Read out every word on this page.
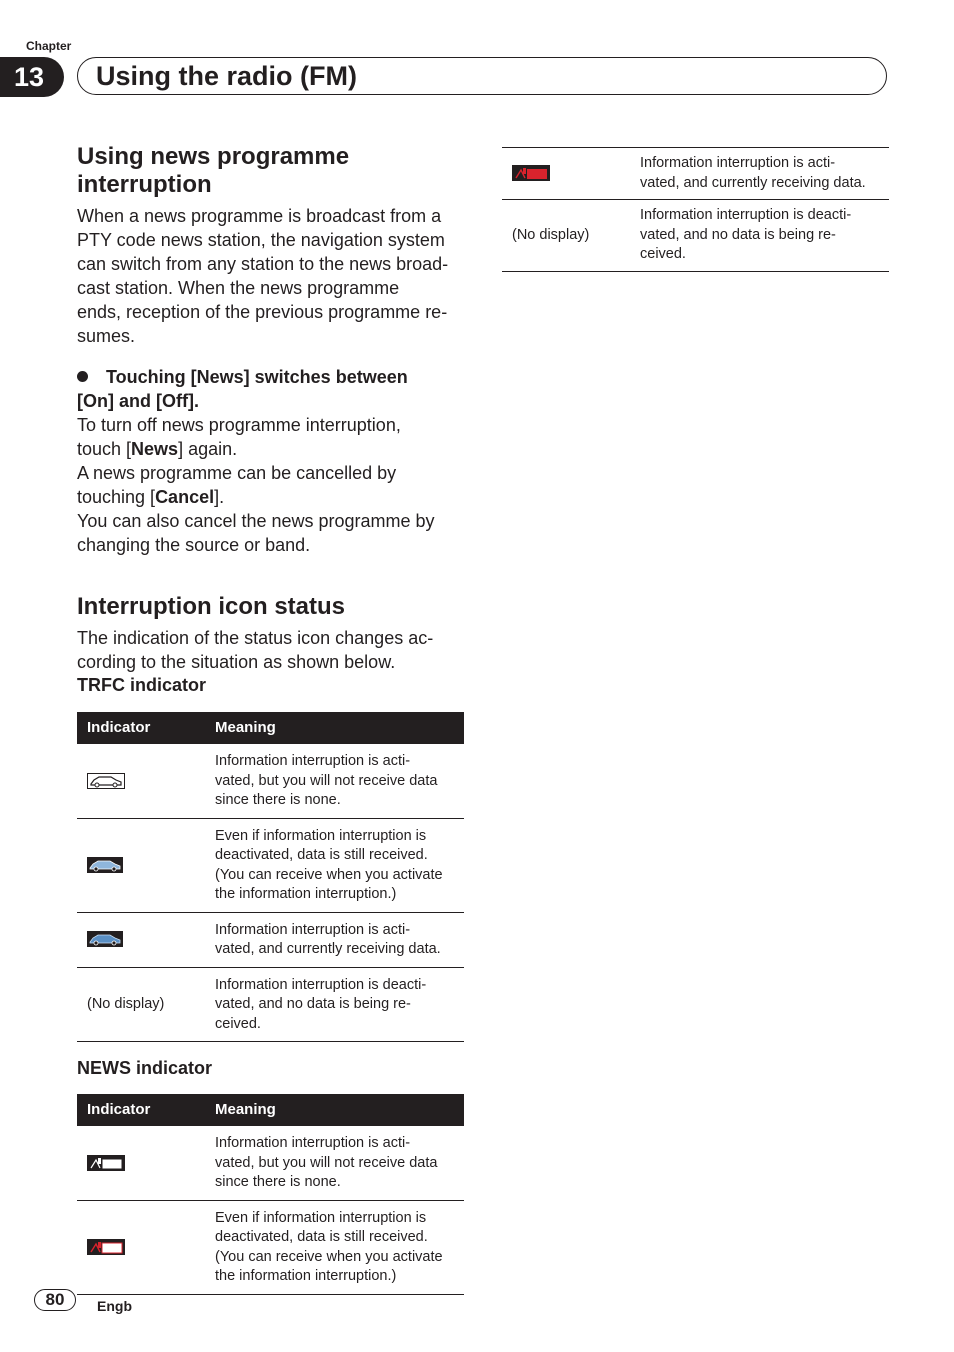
Chapter
13	Using the radio (FM)
Using news programme
interruption

When a news programme is broadcast from a

PTY code news station, the navigation system

can switch from any station to the news broad-

cast station. When the news programme

ends, reception of the previous programme re-

sumes.

Touching [News] switches between

[On] and [Off].

To turn off news programme interruption,

touch [News] again.

A news programme can be cancelled by

touching [Cancel].

You can also cancel the news programme by

changing the source or band.

Interruption icon status

The indication of the status icon changes ac-

cording to the situation as shown below.

TRFC indicator

Indicator	Meaning

Information interruption is acti-
vated, but you will not receive data
since there is none.

Even if information interruption is
deactivated, data is still received.
(You can receive when you activate
the information interruption.)

Information interruption is acti-
vated, and currently receiving data.

(No display)	Information interruption is deacti-
vated, and no data is being re-
ceived.

NEWS indicator

Indicator	Meaning

Information interruption is acti-
vated, but you will not receive data
since there is none.

Even if information interruption is
deactivated, data is still received.
(You can receive when you activate
the information interruption.)

Information interruption is acti-
vated, and currently receiving data.

(No display)	Information interruption is deacti-
vated, and no data is being re-
ceived.
80	Engb
